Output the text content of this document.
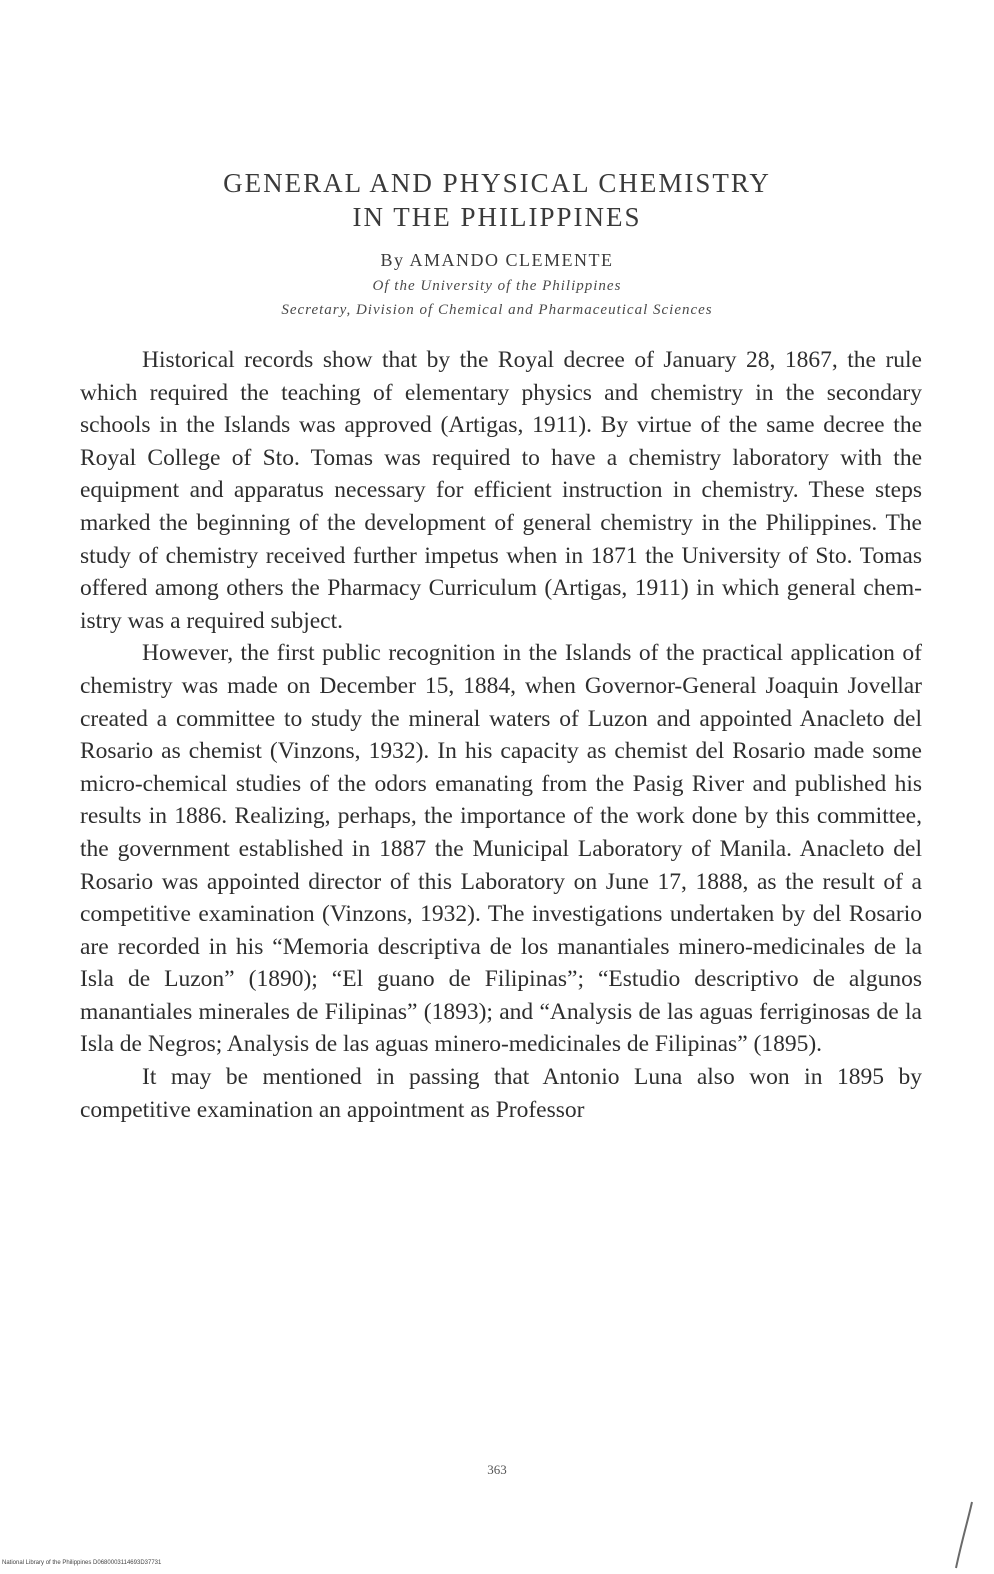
GENERAL AND PHYSICAL CHEMISTRY
IN THE PHILIPPINES
By AMANDO CLEMENTE
Of the University of the Philippines
Secretary, Division of Chemical and Pharmaceutical Sciences

Historical records show that by the Royal decree of January 28, 1867, the rule which required the teaching of elementary physics and chemistry in the secondary schools in the Islands was approved (Artigas, 1911). By virtue of the same decree the Royal College of Sto. Tomas was required to have a chemistry laboratory with the equipment and apparatus necessary for efficient instruction in chemistry. These steps marked the beginning of the development of general chemistry in the Philippines. The study of chemistry received further impetus when in 1871 the University of Sto. Tomas offered among others the Pharmacy Curriculum (Artigas, 1911) in which general chemistry was a required subject.

However, the first public recognition in the Islands of the practical application of chemistry was made on December 15, 1884, when Governor-General Joaquin Jovellar created a committee to study the mineral waters of Luzon and appointed Anacleto del Rosario as chemist (Vinzons, 1932). In his capacity as chemist del Rosario made some micro-chemical studies of the odors emanating from the Pasig River and published his results in 1886. Realizing, perhaps, the importance of the work done by this committee, the government established in 1887 the Municipal Laboratory of Manila. Anacleto del Rosario was appointed director of this Laboratory on June 17, 1888, as the result of a competitive examination (Vinzons, 1932). The investigations undertaken by del Rosario are recorded in his “Memoria descriptiva de los manantiales minero-medicinales de la Isla de Luzon” (1890); “El guano de Filipinas”; “Estudio descriptivo de algunos manantiales minerales de Filipinas” (1893); and “Analysis de las aguas ferriginosas de la Isla de Negros; Analysis de las aguas minero-medicinales de Filipinas” (1895).

It may be mentioned in passing that Antonio Luna also won in 1895 by competitive examination an appointment as Professor

363
National Library of the Philippines D0680003114693D37731
